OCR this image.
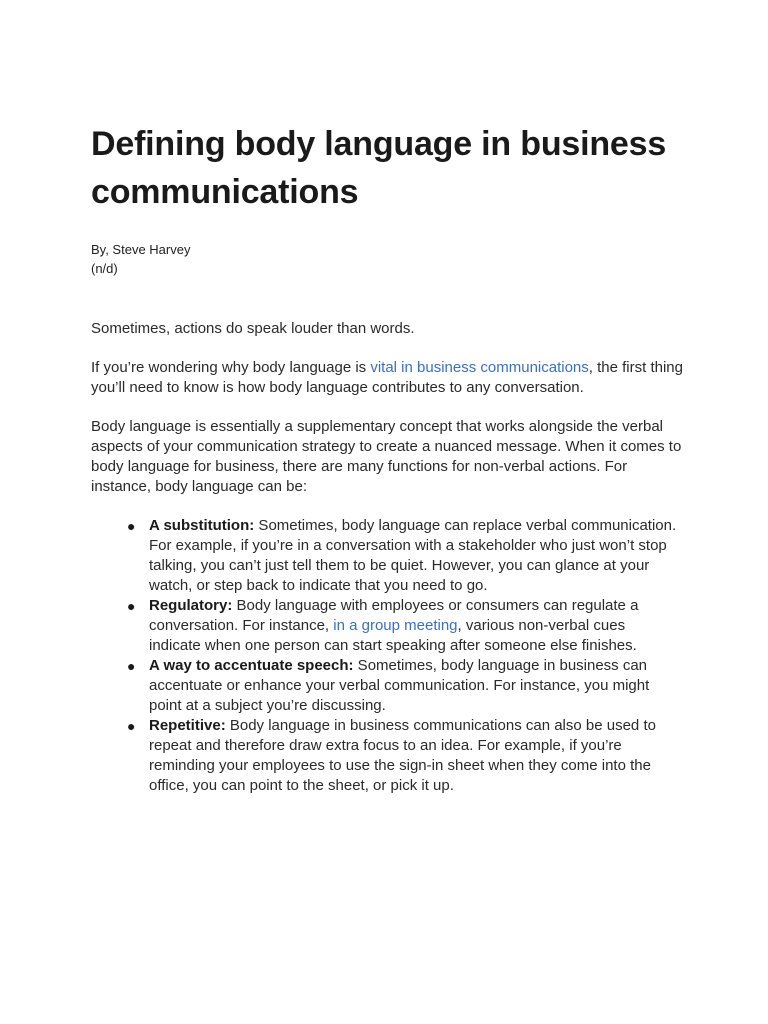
Defining body language in business communications
By, Steve Harvey
(n/d)

Sometimes, actions do speak louder than words.

If you’re wondering why body language is vital in business communications, the first thing you’ll need to know is how body language contributes to any conversation.

Body language is essentially a supplementary concept that works alongside the verbal aspects of your communication strategy to create a nuanced message. When it comes to body language for business, there are many functions for non-verbal actions. For instance, body language can be:

● A substitution: Sometimes, body language can replace verbal communication. For example, if you’re in a conversation with a stakeholder who just won’t stop talking, you can’t just tell them to be quiet. However, you can glance at your watch, or step back to indicate that you need to go.
● Regulatory: Body language with employees or consumers can regulate a conversation. For instance, in a group meeting, various non-verbal cues indicate when one person can start speaking after someone else finishes.
● A way to accentuate speech: Sometimes, body language in business can accentuate or enhance your verbal communication. For instance, you might point at a subject you’re discussing.
● Repetitive: Body language in business communications can also be used to repeat and therefore draw extra focus to an idea. For example, if you’re reminding your employees to use the sign-in sheet when they come into the office, you can point to the sheet, or pick it up.
